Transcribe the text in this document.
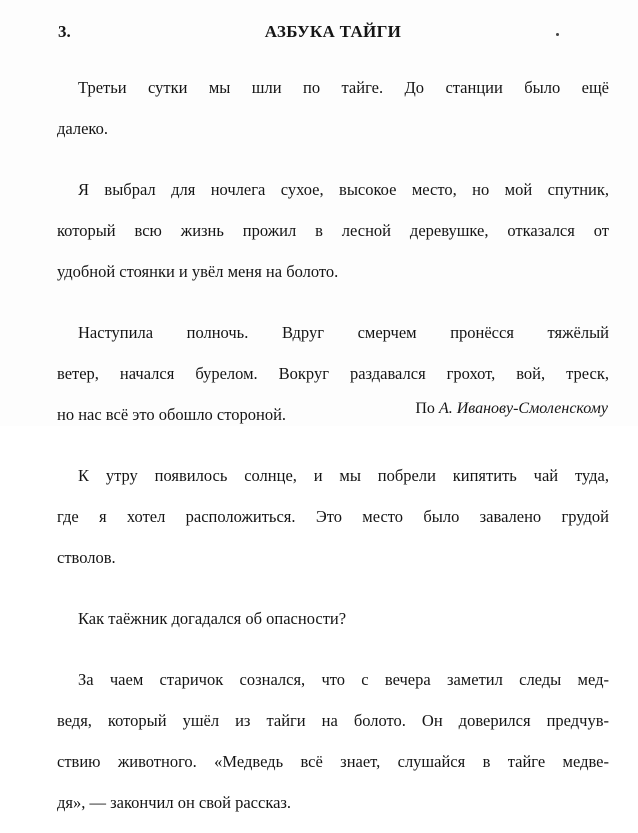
3.	АЗБУКА ТАЙГИ

Третьи сутки мы шли по тайге. До станции было ещё

далеко.

Я выбрал для ночлега сухое, высокое место, но мой спутник,

который всю жизнь прожил в лесной деревушке, отказался от

удобной стоянки и увёл меня на болото.

Наступила полночь. Вдруг смерчем пронёсся тяжёлый

ветер, начался бурелом. Вокруг раздавался грохот, вой, треск,

но нас всё это обошло стороной.

К утру появилось солнце, и мы побрели кипятить чай туда,

где я хотел расположиться. Это место было завалено грудой

стволов.

Как таёжник догадался об опасности?

За чаем старичок сознался, что с вечера заметил следы мед-

ведя, который ушёл из тайги на болото. Он доверился предчув-

ствию животного. «Медведь всё знает, слушайся в тайге медве-

дя», — закончил он свой рассказ.

По А. Иванову-Смоленскому
